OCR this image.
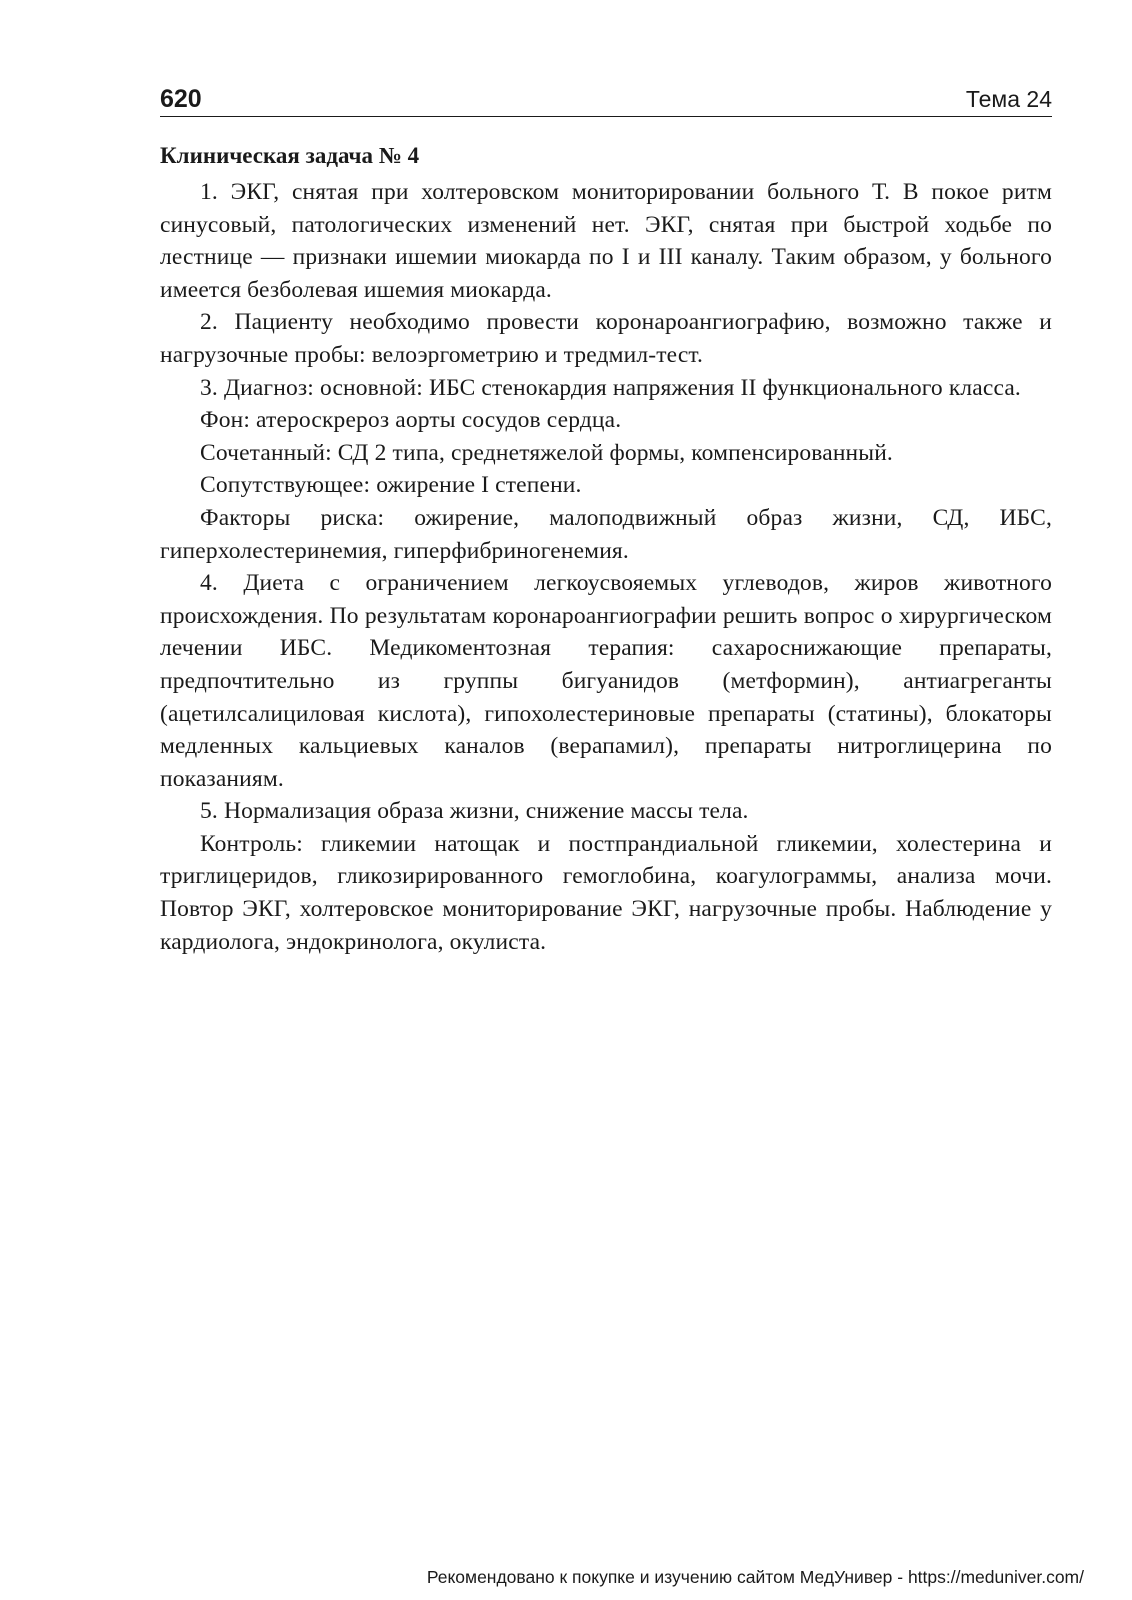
620	Тема 24
Клиническая задача № 4

1. ЭКГ, снятая при холтеровском мониторировании больного Т. В покое ритм синусовый, патологических изменений нет. ЭКГ, снятая при быстрой ходьбе по лестнице — признаки ишемии миокарда по I и III каналу. Таким образом, у больного имеется безболевая ишемия миокарда.

2. Пациенту необходимо провести коронароангиографию, возможно также и нагрузочные пробы: велоэргометрию и тредмил-тест.

3. Диагноз: основной: ИБС стенокардия напряжения II функционального класса.

Фон: атероскрероз аорты сосудов сердца.

Сочетанный: СД 2 типа, среднетяжелой формы, компенсированный.

Сопутствующее: ожирение I степени.

Факторы риска: ожирение, малоподвижный образ жизни, СД, ИБС, гиперхолестеринемия, гиперфибриногенемия.

4. Диета с ограничением легкоусвояемых углеводов, жиров животного происхождения. По результатам коронароангиографии решить вопрос о хирургическом лечении ИБС. Медикоментозная терапия: сахароснижающие препараты, предпочтительно из группы бигуанидов (метформин), антиагреганты (ацетилсалициловая кислота), гипохолестериновые препараты (статины), блокаторы медленных кальциевых каналов (верапамил), препараты нитроглицерина по показаниям.

5. Нормализация образа жизни, снижение массы тела.

Контроль: гликемии натощак и постпрандиальной гликемии, холестерина и триглицеридов, гликозирированного гемоглобина, коагулограммы, анализа мочи. Повтор ЭКГ, холтеровское мониторирование ЭКГ, нагрузочные пробы. Наблюдение у кардиолога, эндокринолога, окулиста.

Рекомендовано к покупке и изучению сайтом МедУнивер - https://meduniver.com/
